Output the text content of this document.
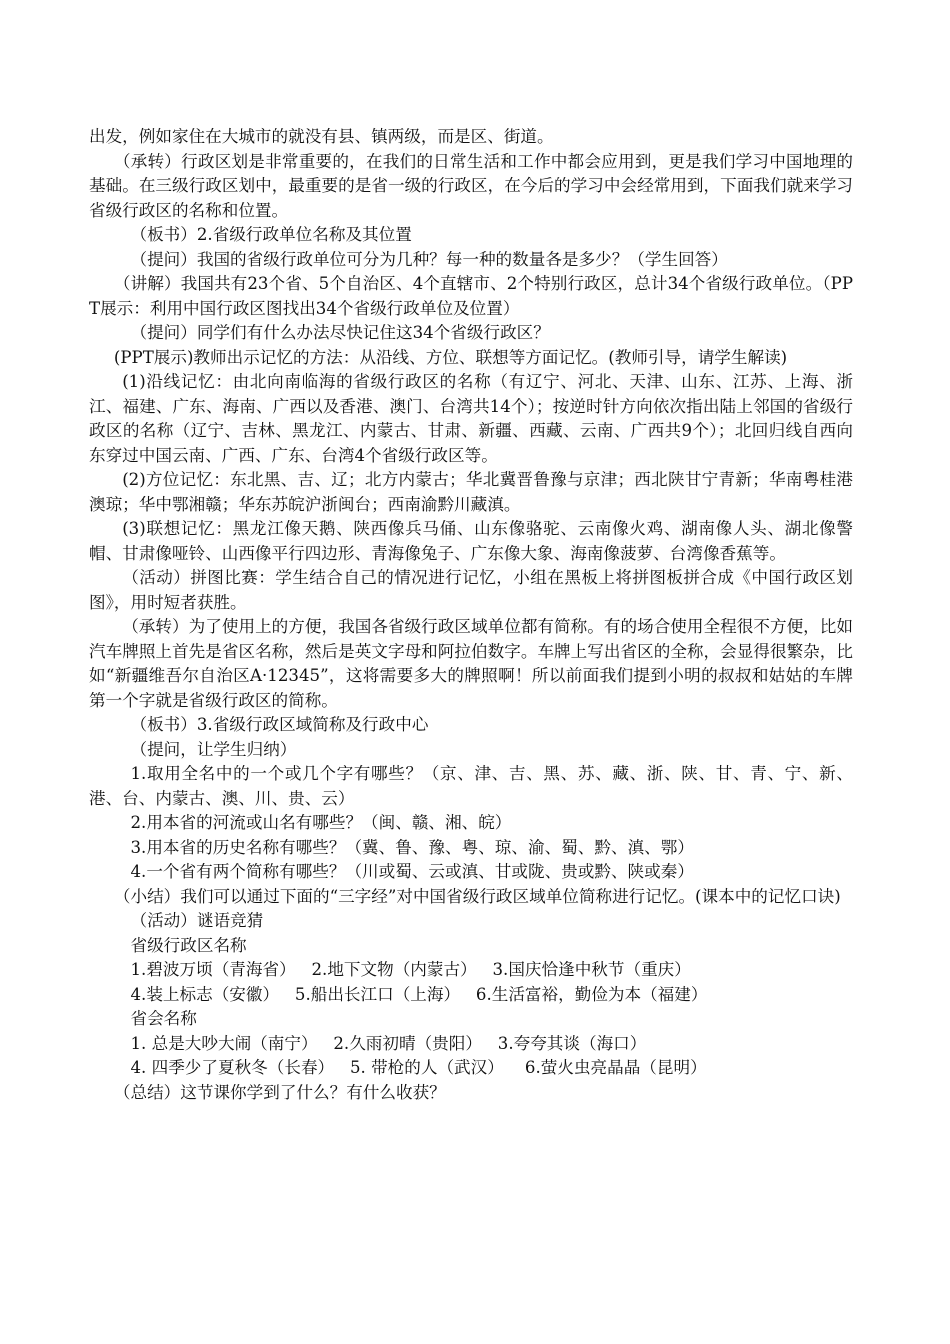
出发，例如家住在大城市的就没有县、镇两级，而是区、街道。

（承转）行政区划是非常重要的，在我们的日常生活和工作中都会应用到，更是我们学习中国地理的基础。在三级行政区划中，最重要的是省一级的行政区，在今后的学习中会经常用到，下面我们就来学习省级行政区的名称和位置。

（板书）2.省级行政单位名称及其位置

（提问）我国的省级行政单位可分为几种？每一种的数量各是多少？（学生回答）

（讲解）我国共有23个省、5个自治区、4个直辖市、2个特别行政区，总计34个省级行政单位。（PPT展示：利用中国行政区图找出34个省级行政单位及位置）

（提问）同学们有什么办法尽快记住这34个省级行政区？

(PPT展示)教师出示记忆的方法：从沿线、方位、联想等方面记忆。(教师引导，请学生解读)

(1)沿线记忆：由北向南临海的省级行政区的名称（有辽宁、河北、天津、山东、江苏、上海、浙江、福建、广东、海南、广西以及香港、澳门、台湾共14个）；按逆时针方向依次指出陆上邻国的省级行政区的名称（辽宁、吉林、黑龙江、内蒙古、甘肃、新疆、西藏、云南、广西共9个）；北回归线自西向东穿过中国云南、广西、广东、台湾4个省级行政区等。

(2)方位记忆：东北黑、吉、辽；北方内蒙古；华北冀晋鲁豫与京津；西北陕甘宁青新；华南粤桂港澳琼；华中鄂湘赣；华东苏皖沪浙闽台；西南渝黔川藏滇。

(3)联想记忆：黑龙江像天鹅、陕西像兵马俑、山东像骆驼、云南像火鸡、湖南像人头、湖北像警帽、甘肃像哑铃、山西像平行四边形、青海像兔子、广东像大象、海南像菠萝、台湾像香蕉等。

（活动）拼图比赛：学生结合自己的情况进行记忆，小组在黑板上将拼图板拼合成《中国行政区划图》，用时短者获胜。

（承转）为了使用上的方便，我国各省级行政区域单位都有简称。有的场合使用全程很不方便，比如汽车牌照上首先是省区名称，然后是英文字母和阿拉伯数字。车牌上写出省区的全称，会显得很繁杂，比如“新疆维吾尔自治区A·12345”，这将需要多大的牌照啊！所以前面我们提到小明的叔叔和姑姑的车牌第一个字就是省级行政区的简称。

（板书）3.省级行政区域简称及行政中心

（提问，让学生归纳）

1.取用全名中的一个或几个字有哪些？（京、津、吉、黑、苏、藏、浙、陕、甘、青、宁、新、港、台、内蒙古、澳、川、贵、云）

2.用本省的河流或山名有哪些？（闽、赣、湘、皖）

3.用本省的历史名称有哪些？（冀、鲁、豫、粤、琼、渝、蜀、黔、滇、鄂）

4.一个省有两个简称有哪些？（川或蜀、云或滇、甘或陇、贵或黔、陕或秦）

（小结）我们可以通过下面的“三字经”对中国省级行政区域单位简称进行记忆。(课本中的记忆口诀)

（活动）谜语竞猜

省级行政区名称

1.碧波万顷（青海省）   2.地下文物（内蒙古）   3.国庆恰逢中秋节（重庆）

4.装上标志（安徽）   5.船出长江口（上海）   6.生活富裕，勤俭为本（福建）

省会名称

1. 总是大吵大闹（南宁）   2.久雨初晴（贵阳）   3.夸夸其谈（海口）

4. 四季少了夏秋冬（长春）   5. 带枪的人（武汉）    6.萤火虫亮晶晶（昆明）

（总结）这节课你学到了什么？有什么收获？
